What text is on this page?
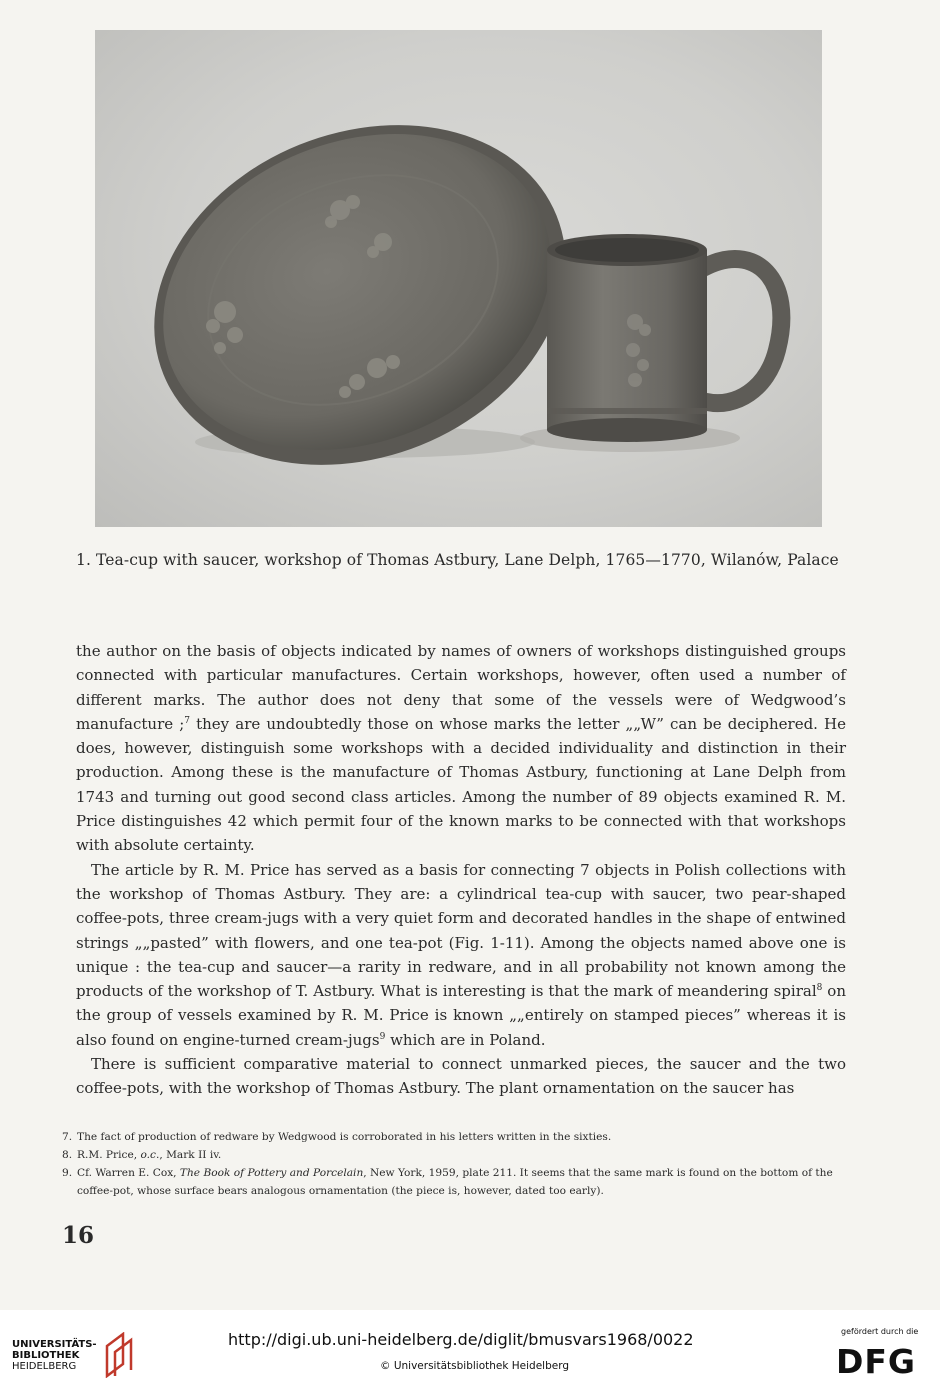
1. Tea-cup with saucer, workshop of Thomas Astbury, Lane Delph, 1765—1770, Wilanów, Palace

the author on the basis of objects indicated by names of owners of workshops distinguished groups connected with particular manufactures. Certain workshops, however, often used a number of different marks. The author does not deny that some of the vessels were of Wedgwood’s manufacture ;$^7$ they are undoubtedly those on whose marks the letter „„W” can be deciphered. He does, however, distinguish some workshops with a decided individuality and distinction in their production. Among these is the manufacture of Thomas Astbury, functioning at Lane Delph from 1743 and turning out good second class articles. Among the number of 89 objects examined R. M. Price distinguishes 42 which permit four of the known marks to be connected with that workshops with absolute certainty.

The article by R. M. Price has served as a basis for connecting 7 objects in Polish collections with the workshop of Thomas Astbury. They are: a cylindrical tea-cup with saucer, two pear-shaped coffee-pots, three cream-jugs with a very quiet form and decorated handles in the shape of entwined strings „„pasted” with flowers, and one tea-pot (Fig. 1-11). Among the objects named above one is unique : the tea-cup and saucer—a rarity in redware, and in all probability not known among the products of the workshop of T. Astbury. What is interesting is that the mark of meandering spiral$^8$ on the group of vessels examined by R. M. Price is known „„entirely on stamped pieces” whereas it is also found on engine-turned cream-jugs$^9$ which are in Poland.

There is sufficient comparative material to connect unmarked pieces, the saucer and the two coffee-pots, with the workshop of Thomas Astbury. The plant ornamentation on the saucer has

7. The fact of production of redware by Wedgwood is corroborated in his letters written in the sixties.
8. R.M. Price, o.c., Mark II iv.
9. Cf. Warren E. Cox, The Book of Pottery and Porcelain, New York, 1959, plate 211. It seems that the same mark is found on the bottom of the coffee-pot, whose surface bears analogous ornamentation (the piece is, however, dated too early).
16
UNIVERSITÄTS-
BIBLIOTHEK
HEIDELBERG
http://digi.ub.uni-heidelberg.de/diglit/bmusvars1968/0022
© Universitätsbibliothek Heidelberg
gefördert durch die
DFG
